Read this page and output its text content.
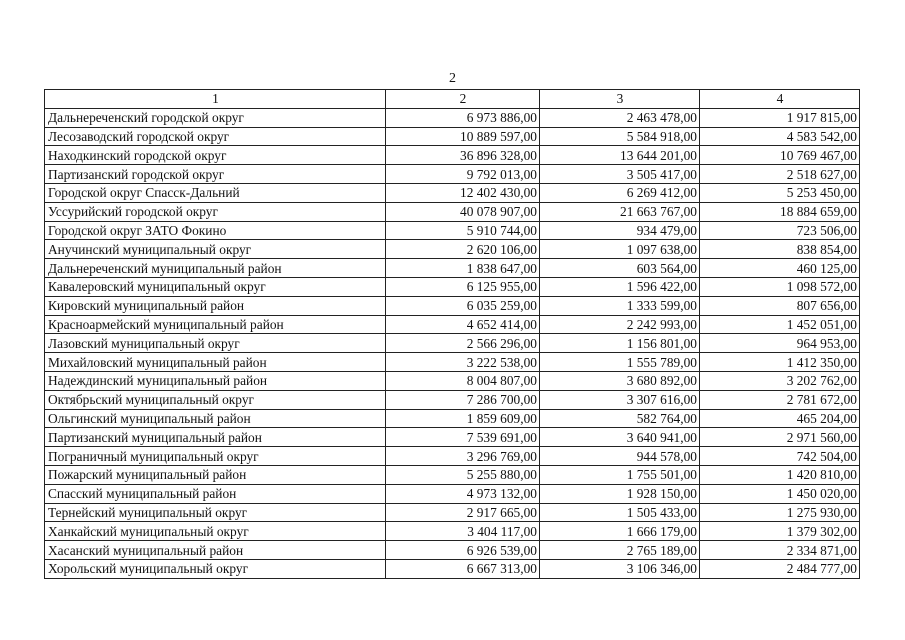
2
1	2	3	4
Дальнереченский городской округ	6 973 886,00	2 463 478,00	1 917 815,00
Лесозаводский городской округ	10 889 597,00	5 584 918,00	4 583 542,00
Находкинский городской округ	36 896 328,00	13 644 201,00	10 769 467,00
Партизанский городской округ	9 792 013,00	3 505 417,00	2 518 627,00
Городской округ Спасск-Дальний	12 402 430,00	6 269 412,00	5 253 450,00
Уссурийский городской округ	40 078 907,00	21 663 767,00	18 884 659,00
Городской округ ЗАТО Фокино	5 910 744,00	934 479,00	723 506,00
Анучинский муниципальный округ	2 620 106,00	1 097 638,00	838 854,00
Дальнереченский муниципальный район	1 838 647,00	603 564,00	460 125,00
Кавалеровский муниципальный округ	6 125 955,00	1 596 422,00	1 098 572,00
Кировский муниципальный район	6 035 259,00	1 333 599,00	807 656,00
Красноармейский муниципальный район	4 652 414,00	2 242 993,00	1 452 051,00
Лазовский муниципальный округ	2 566 296,00	1 156 801,00	964 953,00
Михайловский муниципальный район	3 222 538,00	1 555 789,00	1 412 350,00
Надеждинский муниципальный район	8 004 807,00	3 680 892,00	3 202 762,00
Октябрьский муниципальный округ	7 286 700,00	3 307 616,00	2 781 672,00
Ольгинский муниципальный район	1 859 609,00	582 764,00	465 204,00
Партизанский муниципальный район	7 539 691,00	3 640 941,00	2 971 560,00
Пограничный муниципальный округ	3 296 769,00	944 578,00	742 504,00
Пожарский муниципальный район	5 255 880,00	1 755 501,00	1 420 810,00
Спасский муниципальный район	4 973 132,00	1 928 150,00	1 450 020,00
Тернейский муниципальный округ	2 917 665,00	1 505 433,00	1 275 930,00
Ханкайский муниципальный округ	3 404 117,00	1 666 179,00	1 379 302,00
Хасанский муниципальный район	6 926 539,00	2 765 189,00	2 334 871,00
Хорольский муниципальный округ	6 667 313,00	3 106 346,00	2 484 777,00
